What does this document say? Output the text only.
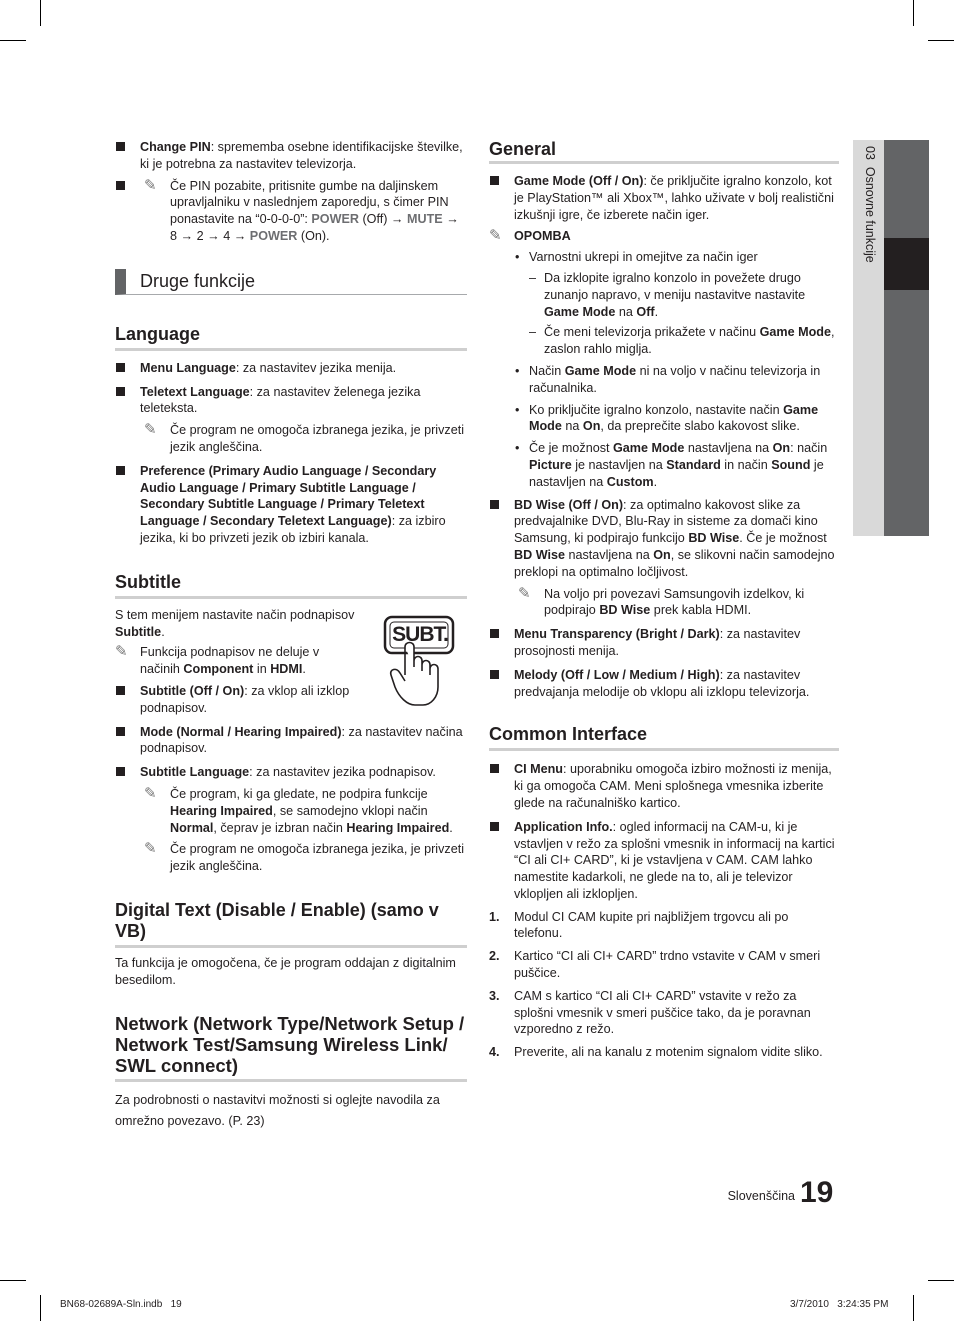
03  Osnovne funkcije
Change PIN: sprememba osebne identifikacijske številke, ki je potrebna za nastavitev televizorja.
✎ Če PIN pozabite, pritisnite gumbe na daljinskem upravljalniku v naslednjem zaporedju, s čimer PIN ponastavite na “0-0-0-0”: POWER (Off) → MUTE → 8 → 2 → 4 → POWER (On).
Druge funkcije
Language
Menu Language: za nastavitev jezika menija.
Teletext Language: za nastavitev želenega jezika teleteksta.
✎ Če program ne omogoča izbranega jezika, je privzeti jezik angleščina.
Preference (Primary Audio Language / Secondary Audio Language / Primary Subtitle Language / Secondary Subtitle Language / Primary Teletext Language / Secondary Teletext Language): za izbiro jezika, ki bo privzeti jezik ob izbiri kanala.
Subtitle
SUBT.
S tem menijem nastavite način podnapisov Subtitle.
✎ Funkcija podnapisov ne deluje v načinih Component in HDMI.
Subtitle (Off / On): za vklop ali izklop podnapisov.
Mode (Normal / Hearing Impaired): za nastavitev načina podnapisov.
Subtitle Language: za nastavitev jezika podnapisov.
✎ Če program, ki ga gledate, ne podpira funkcije Hearing Impaired, se samodejno vklopi način Normal, čeprav je izbran način Hearing Impaired.
✎ Če program ne omogoča izbranega jezika, je privzeti jezik angleščina.
Digital Text (Disable / Enable) (samo v VB)
Ta funkcija je omogočena, če je program oddajan z digitalnim besedilom.
Network (Network Type/Network Setup / Network Test/Samsung Wireless Link/ SWL connect)
Za podrobnosti o nastavitvi možnosti si oglejte navodila za omrežno povezavo. (P. 23)
General
Game Mode (Off / On): če priključite igralno konzolo, kot je PlayStation™ ali Xbox™, lahko uživate v bolj realistični izkušnji igre, če izberete način iger.
✎ OPOMBA
• Varnostni ukrepi in omejitve za način iger
– Da izklopite igralno konzolo in povežete drugo zunanjo napravo, v meniju nastavitve nastavite Game Mode na Off.
– Če meni televizorja prikažete v načinu Game Mode, zaslon rahlo miglja.
• Način Game Mode ni na voljo v načinu televizorja in računalnika.
• Ko priključite igralno konzolo, nastavite način Game Mode na On, da preprečite slabo kakovost slike.
• Če je možnost Game Mode nastavljena na On: način Picture je nastavljen na Standard in način Sound je nastavljen na Custom.
BD Wise (Off / On): za optimalno kakovost slike za predvajalnike DVD, Blu-Ray in sisteme za domači kino Samsung, ki podpirajo funkcijo BD Wise. Če je možnost BD Wise nastavljena na On, se slikovni način samodejno preklopi na optimalno ločljivost.
✎ Na voljo pri povezavi Samsungovih izdelkov, ki podpirajo BD Wise prek kabla HDMI.
Menu Transparency (Bright / Dark): za nastavitev prosojnosti menija.
Melody (Off / Low / Medium / High): za nastavitev predvajanja melodije ob vklopu ali izklopu televizorja.
Common Interface
CI Menu: uporabniku omogoča izbiro možnosti iz menija, ki ga omogoča CAM. Meni splošnega vmesnika izberite glede na računalniško kartico.
Application Info.: ogled informacij na CAM-u, ki je vstavljen v režo za splošni vmesnik in informacij na kartici “CI ali CI+ CARD”, ki je vstavljena v CAM. CAM lahko namestite kadarkoli, ne glede na to, ali je televizor vklopljen ali izklopljen.
1. Modul CI CAM kupite pri najbližjem trgovcu ali po telefonu.
2. Kartico “CI ali CI+ CARD” trdno vstavite v CAM v smeri puščice.
3. CAM s kartico “CI ali CI+ CARD” vstavite v režo za splošni vmesnik v smeri puščice tako, da je poravnan vzporedno z režo.
4. Preverite, ali na kanalu z motenim signalom vidite sliko.
Slovenščina 19
BN68-02689A-Sln.indb   19	3/7/2010   3:24:35 PM
